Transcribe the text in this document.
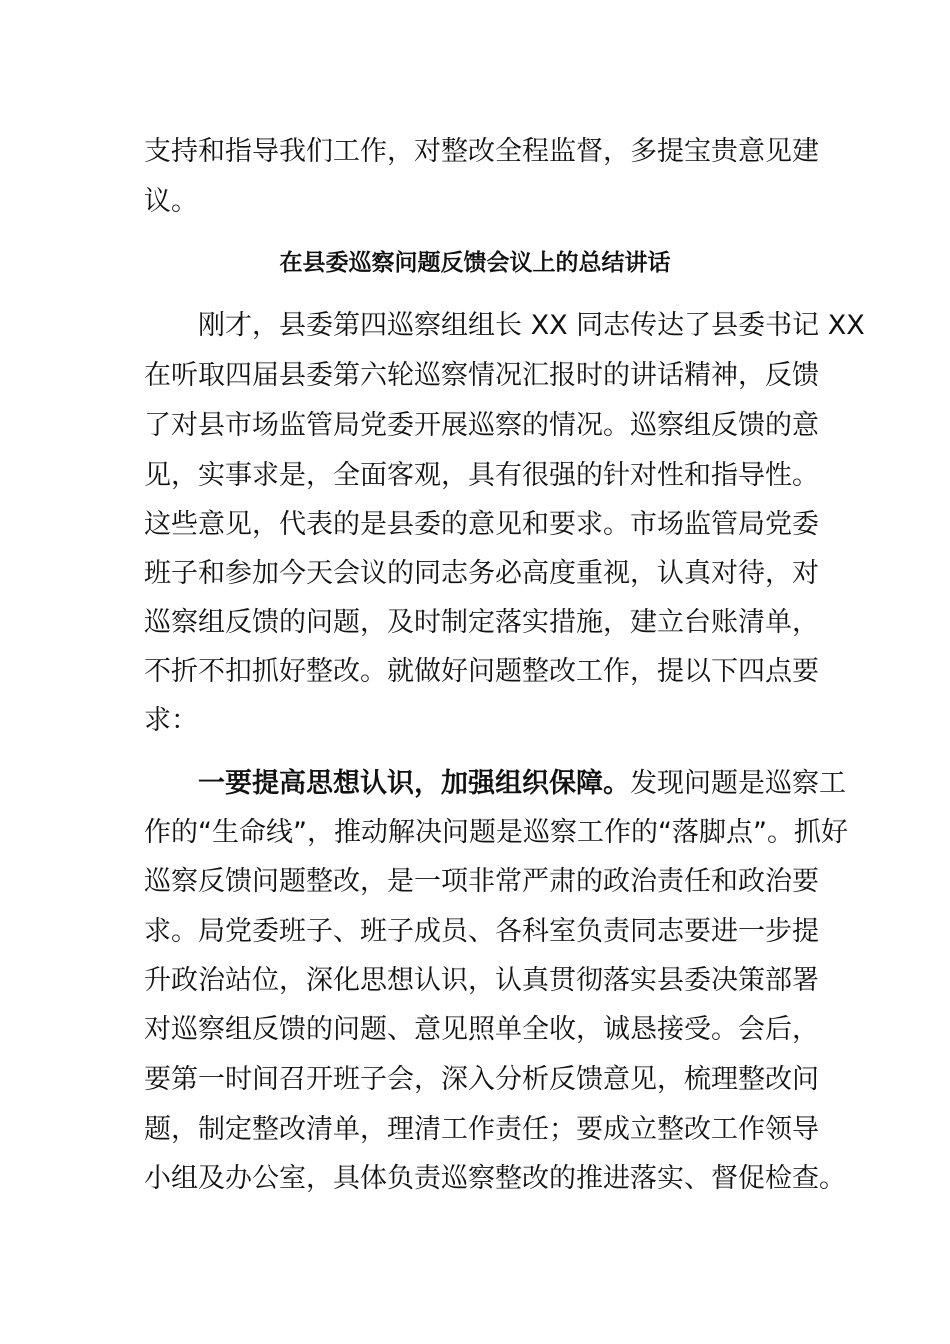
支持和指导我们工作，对整改全程监督，多提宝贵意见建
议。
在县委巡察问题反馈会议上的总结讲话
　　刚才，县委第四巡察组组长 XX 同志传达了县委书记 XX
在听取四届县委第六轮巡察情况汇报时的讲话精神，反馈
了对县市场监管局党委开展巡察的情况。巡察组反馈的意
见，实事求是，全面客观，具有很强的针对性和指导性。
这些意见，代表的是县委的意见和要求。市场监管局党委
班子和参加今天会议的同志务必高度重视，认真对待，对
巡察组反馈的问题，及时制定落实措施，建立台账清单，
不折不扣抓好整改。就做好问题整改工作，提以下四点要
求：
　　一要提高思想认识，加强组织保障。发现问题是巡察工
作的“生命线”，推动解决问题是巡察工作的“落脚点”。抓好
巡察反馈问题整改，是一项非常严肃的政治责任和政治要
求。局党委班子、班子成员、各科室负责同志要进一步提
升政治站位，深化思想认识，认真贯彻落实县委决策部署
对巡察组反馈的问题、意见照单全收，诚恳接受。会后，
要第一时间召开班子会，深入分析反馈意见，梳理整改问
题，制定整改清单，理清工作责任；要成立整改工作领导
小组及办公室，具体负责巡察整改的推进落实、督促检查。
